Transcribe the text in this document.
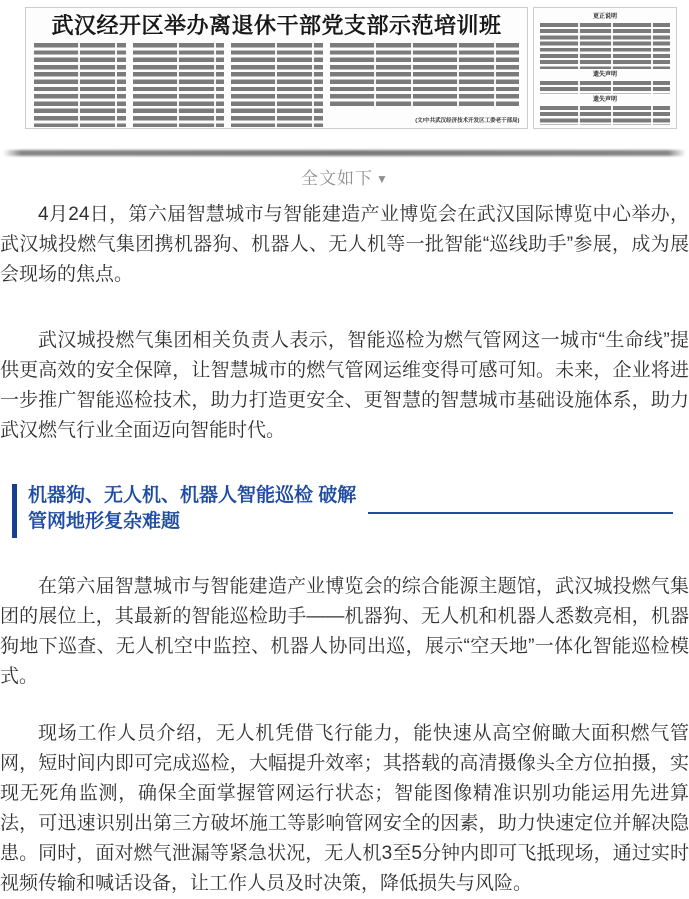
武汉经开区举办离退休干部党支部示范培训班
(文/中共武汉经济技术开发区工委老干部局)
更正说明
遗失声明
遗失声明
全文如下 ▼

4月24日，第六届智慧城市与智能建造产业博览会在武汉国际博览中心举办，武汉城投燃气集团携机器狗、机器人、无人机等一批智能“巡线助手”参展，成为展会现场的焦点。

武汉城投燃气集团相关负责人表示，智能巡检为燃气管网这一城市“生命线”提供更高效的安全保障，让智慧城市的燃气管网运维变得可感可知。未来，企业将进一步推广智能巡检技术，助力打造更安全、更智慧的智慧城市基础设施体系，助力武汉燃气行业全面迈向智能时代。

机器狗、无人机、机器人智能巡检 破解
管网地形复杂难题

在第六届智慧城市与智能建造产业博览会的综合能源主题馆，武汉城投燃气集团的展位上，其最新的智能巡检助手——机器狗、无人机和机器人悉数亮相，机器狗地下巡查、无人机空中监控、机器人协同出巡，展示“空天地”一体化智能巡检模式。

现场工作人员介绍，无人机凭借飞行能力，能快速从高空俯瞰大面积燃气管网，短时间内即可完成巡检，大幅提升效率；其搭载的高清摄像头全方位拍摄，实现无死角监测，确保全面掌握管网运行状态；智能图像精准识别功能运用先进算法，可迅速识别出第三方破坏施工等影响管网安全的因素，助力快速定位并解决隐患。同时，面对燃气泄漏等紧急状况，无人机3至5分钟内即可飞抵现场，通过实时视频传输和喊话设备，让工作人员及时决策，降低损失与风险。
